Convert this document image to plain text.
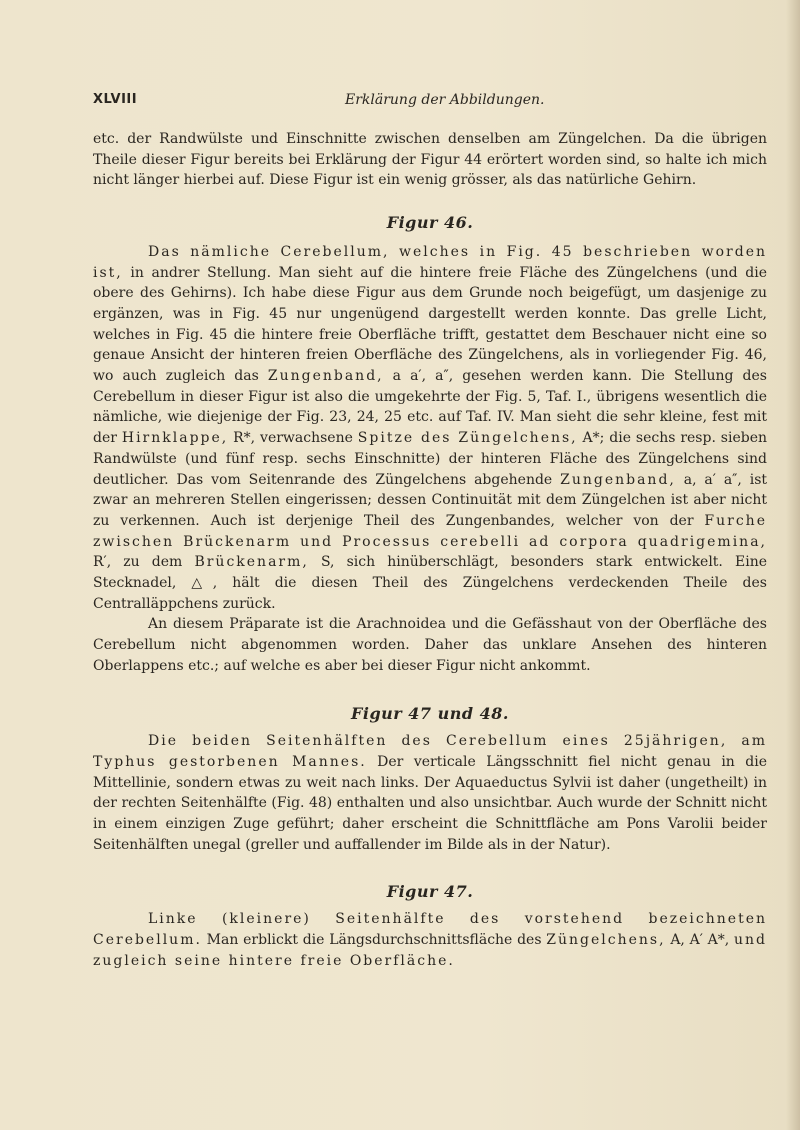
XLVIII	Erklärung der Abbildungen.

etc. der Randwülste und Einschnitte zwischen denselben am Züngelchen. Da die übrigen Theile dieser Figur bereits bei Erklärung der Figur 44 erörtert worden sind, so halte ich mich nicht länger hierbei auf. Diese Figur ist ein wenig grösser, als das natürliche Gehirn.

Figur 46.

Das nämliche Cerebellum, welches in Fig. 45 beschrieben worden ist, in andrer Stellung. Man sieht auf die hintere freie Fläche des Züngelchens (und die obere des Gehirns). Ich habe diese Figur aus dem Grunde noch beigefügt, um dasjenige zu ergänzen, was in Fig. 45 nur ungenügend dargestellt werden konnte. Das grelle Licht, welches in Fig. 45 die hintere freie Oberfläche trifft, gestattet dem Beschauer nicht eine so genaue Ansicht der hinteren freien Oberfläche des Züngelchens, als in vorliegender Fig. 46, wo auch zugleich das Zungenband, a a′, a″, gesehen werden kann. Die Stellung des Cerebellum in dieser Figur ist also die umgekehrte der Fig. 5, Taf. I., übrigens wesentlich die nämliche, wie diejenige der Fig. 23, 24, 25 etc. auf Taf. IV. Man sieht die sehr kleine, fest mit der Hirnklappe, R*, verwachsene Spitze des Züngelchens, A*; die sechs resp. sieben Randwülste (und fünf resp. sechs Einschnitte) der hinteren Fläche des Züngelchens sind deutlicher. Das vom Seitenrande des Züngelchens abgehende Zungenband, a, a′ a″, ist zwar an mehreren Stellen eingerissen; dessen Continuität mit dem Züngelchen ist aber nicht zu verkennen. Auch ist derjenige Theil des Zungenbandes, welcher von der Furche zwischen Brückenarm und Processus cerebelli ad corpora quadrigemina, R′, zu dem Brückenarm, S, sich hinüberschlägt, besonders stark entwickelt. Eine Stecknadel, △, hält die diesen Theil des Züngelchens verdeckenden Theile des Centralläppchens zurück.

An diesem Präparate ist die Arachnoidea und die Gefässhaut von der Oberfläche des Cerebellum nicht abgenommen worden. Daher das unklare Ansehen des hinteren Oberlappens etc.; auf welche es aber bei dieser Figur nicht ankommt.

Figur 47 und 48.

Die beiden Seitenhälften des Cerebellum eines 25jährigen, am Typhus gestorbenen Mannes. Der verticale Längsschnitt fiel nicht genau in die Mittellinie, sondern etwas zu weit nach links. Der Aquaeductus Sylvii ist daher (ungetheilt) in der rechten Seitenhälfte (Fig. 48) enthalten und also unsichtbar. Auch wurde der Schnitt nicht in einem einzigen Zuge geführt; daher erscheint die Schnittfläche am Pons Varolii beider Seitenhälften unegal (greller und auffallender im Bilde als in der Natur).

Figur 47.

Linke (kleinere) Seitenhälfte des vorstehend bezeichneten Cerebellum. Man erblickt die Längsdurchschnittsfläche des Züngelchens, A, A′ A*, und zugleich seine hintere freie Oberfläche.
